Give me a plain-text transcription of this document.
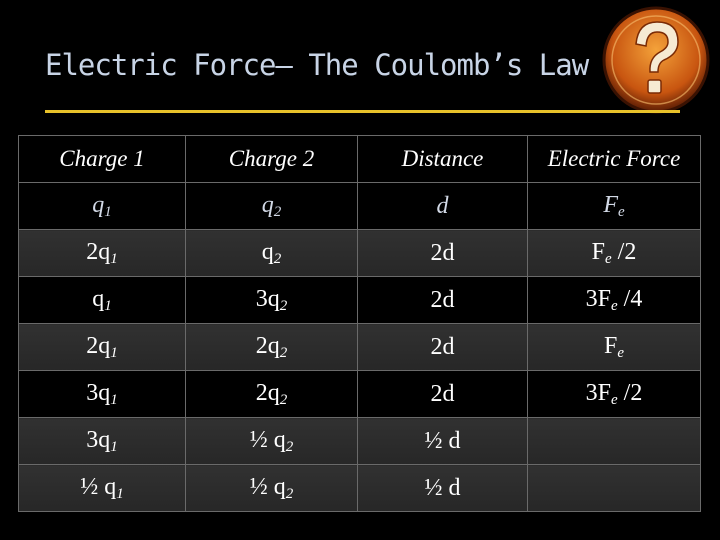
Electric Force— The Coulomb’s Law
Charge 1	Charge 2	Distance	Electric Force
$q_1$	$q_2$	d	$F_e$
$2q_1$	$q_2$	2d	$F_e$ /2
$q_1$	$3q_2$	2d	$3F_e$ /4
$2q_1$	$2q_2$	2d	$F_e$
$3q_1$	$2q_2$	2d	$3F_e$ /2
$3q_1$	½ $q_2$	½ d	
½ $q_1$	½ $q_2$	½ d	
